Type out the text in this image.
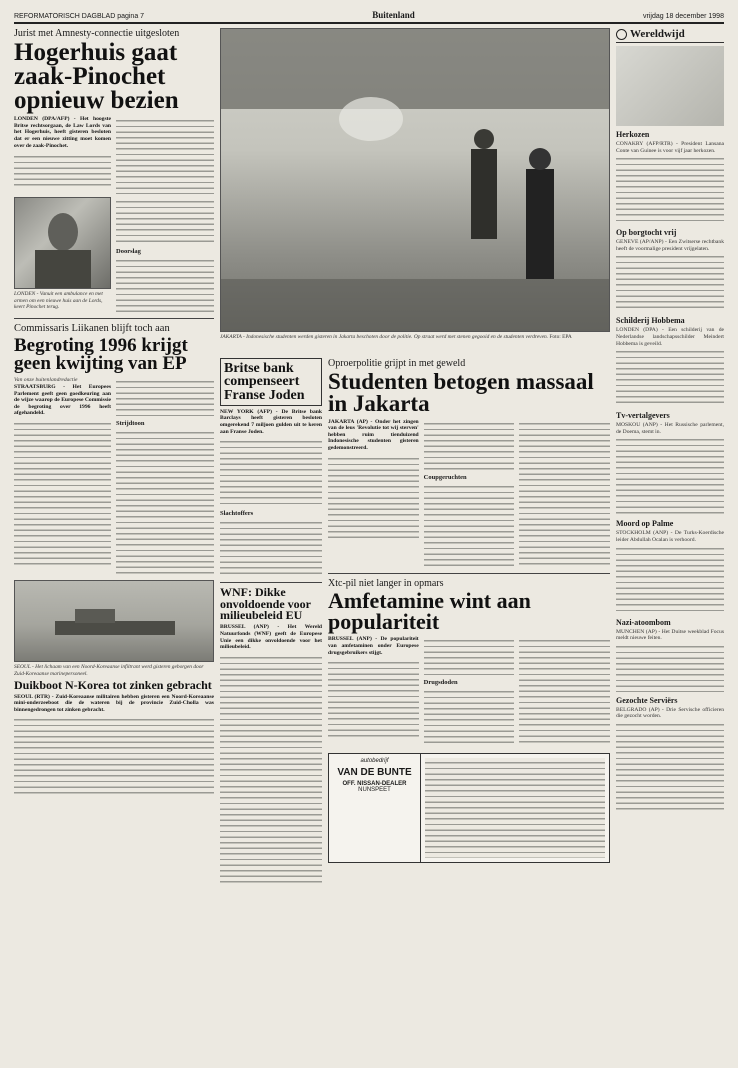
REFORMATORISCH DAGBLAD pagina 7	Buitenland	vrijdag 18 december 1998
Jurist met Amnesty-connectie uitgesloten
Hogerhuis gaat zaak-Pinochet opnieuw bezien
LONDEN (DPA/AFP) - Het hoogste Britse rechtsorgaan, de Law Lords van het Hogerhuis, heeft gisteren besloten dat er een nieuwe zitting moet komen over de zaak-Pinochet.
LONDEN - Vanuit een ambulance en met armen om een nieuwe huis aan de Lords, keert Pinochet terug.
Doorslag
Commissaris Liikanen blijft toch aan
Begroting 1996 krijgt geen kwijting van EP
Van onze buitenlandredactie
STRAATSBURG - Het Europees Parlement geeft geen goedkeuring aan de wijze waarop de Europese Commissie de begroting over 1996 heeft afgehandeld.
Strijdtoon
SEOUL - Het lichaam van een Noord-Koreaanse infiltrant werd gisteren geborgen door Zuid-Koreaanse marinepersoneel.
Duikboot N-Korea tot zinken gebracht
SEOUL (RTR) - Zuid-Koreaanse militairen hebben gisteren een Noord-Koreaanse mini-onderzeeboot die de wateren bij de provincie Zuid-Cholla was binnengedrongen tot zinken gebracht.
JAKARTA - Indonesische studenten werden gisteren in Jakarta beschoten door de politie. Op straat werd met stenen gegooid en de studenten verdreven. Foto: EPA
Britse bank compenseert Franse Joden
NEW YORK (AFP) - De Britse bank Barclays heeft gisteren besloten omgerekend 7 miljoen gulden uit te keren aan Franse Joden.
Slachtoffers
WNF: Dikke onvoldoende voor milieubeleid EU
BRUSSEL (ANP) - Het Wereld Natuurfonds (WNF) geeft de Europese Unie een dikke onvoldoende voor het milieubeleid.
Oproerpolitie grijpt in met geweld
Studenten betogen massaal in Jakarta
JAKARTA (AP) - Onder het zingen van de leus 'Revolutie tot wij sterven' hebben ruim tienduizend Indonesische studenten gisteren gedemonstreerd.
Coupgeruchten
Xtc-pil niet langer in opmars
Amfetamine wint aan populariteit
BRUSSEL (ANP) - De populariteit van amfetaminen onder Europese drugsgebruikers stijgt.
Drugsdoden
autobedrijf
VAN DE BUNTE
OFF. NISSAN-DEALER
NUNSPEET
Wereldwijd
Herkozen
CONAKRY (AFP/RTR) - President Lansana Conte van Guinee is voor vijf jaar herkozen.
Op borgtocht vrij
GENEVE (AP/ANP) - Een Zwitserse rechtbank heeft de voormalige president vrijgelaten.
Schilderij Hobbema
LONDEN (DPA) - Een schilderij van de Nederlandse landschapsschilder Meindert Hobbema is geveild.
Tv-vertalgevers
MOSKOU (ANP) - Het Russische parlement, de Doema, stemt in.
Moord op Palme
STOCKHOLM (ANP) - De Turks-Koerdische leider Abdullah Ocalan is verhoord.
Nazi-atoombom
MUNCHEN (AP) - Het Duitse weekblad Focus meldt nieuwe feiten.
Gezochte Serviërs
BELGRADO (AP) - Drie Servische officieren die gezocht worden.
